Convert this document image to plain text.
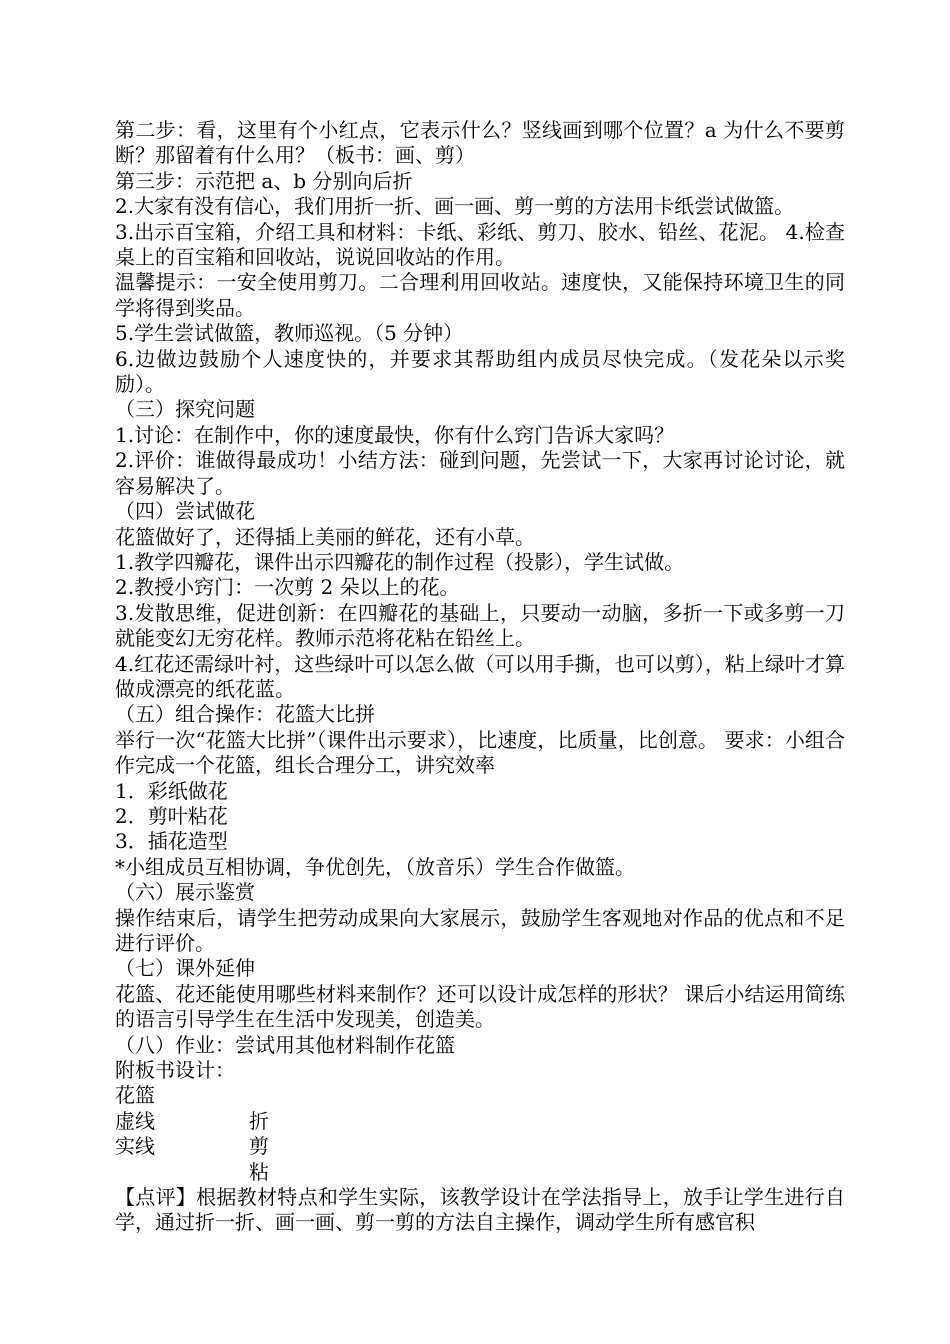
第二步：看，这里有个小红点，它表示什么？竖线画到哪个位置？a 为什么不要剪断？那留着有什么用？（板书：画、剪）

第三步：示范把 a、b 分别向后折

2.大家有没有信心，我们用折一折、画一画、剪一剪的方法用卡纸尝试做篮。

3.出示百宝箱，介绍工具和材料：卡纸、彩纸、剪刀、胶水、铅丝、花泥。 4.检查桌上的百宝箱和回收站，说说回收站的作用。

温馨提示：一安全使用剪刀。二合理利用回收站。速度快，又能保持环境卫生的同学将得到奖品。

5.学生尝试做篮，教师巡视。（5 分钟）

6.边做边鼓励个人速度快的，并要求其帮助组内成员尽快完成。（发花朵以示奖励）。

（三）探究问题

1.讨论：在制作中，你的速度最快，你有什么窍门告诉大家吗？

2.评价：谁做得最成功！小结方法：碰到问题，先尝试一下，大家再讨论讨论，就容易解决了。

（四）尝试做花

花篮做好了，还得插上美丽的鲜花，还有小草。

1.教学四瓣花，课件出示四瓣花的制作过程（投影），学生试做。

2.教授小窍门：一次剪 2 朵以上的花。

3.发散思维，促进创新：在四瓣花的基础上，只要动一动脑，多折一下或多剪一刀就能变幻无穷花样。教师示范将花粘在铅丝上。

4.红花还需绿叶衬，这些绿叶可以怎么做（可以用手撕，也可以剪），粘上绿叶才算做成漂亮的纸花蓝。

（五）组合操作：花篮大比拼

举行一次“花篮大比拼”（课件出示要求），比速度，比质量，比创意。 要求：小组合作完成一个花篮，组长合理分工，讲究效率

1．彩纸做花

2．剪叶粘花

3．插花造型

*小组成员互相协调，争优创先，（放音乐）学生合作做篮。

（六）展示鉴赏

操作结束后，请学生把劳动成果向大家展示，鼓励学生客观地对作品的优点和不足进行评价。

（七）课外延伸

花篮、花还能使用哪些材料来制作？还可以设计成怎样的形状？ 课后小结运用简练的语言引导学生在生活中发现美，创造美。

（八）作业：尝试用其他材料制作花篮

附板书设计：

花篮

虚线	折
实线	剪
粘

【点评】根据教材特点和学生实际，该教学设计在学法指导上，放手让学生进行自学，通过折一折、画一画、剪一剪的方法自主操作，调动学生所有感官积
